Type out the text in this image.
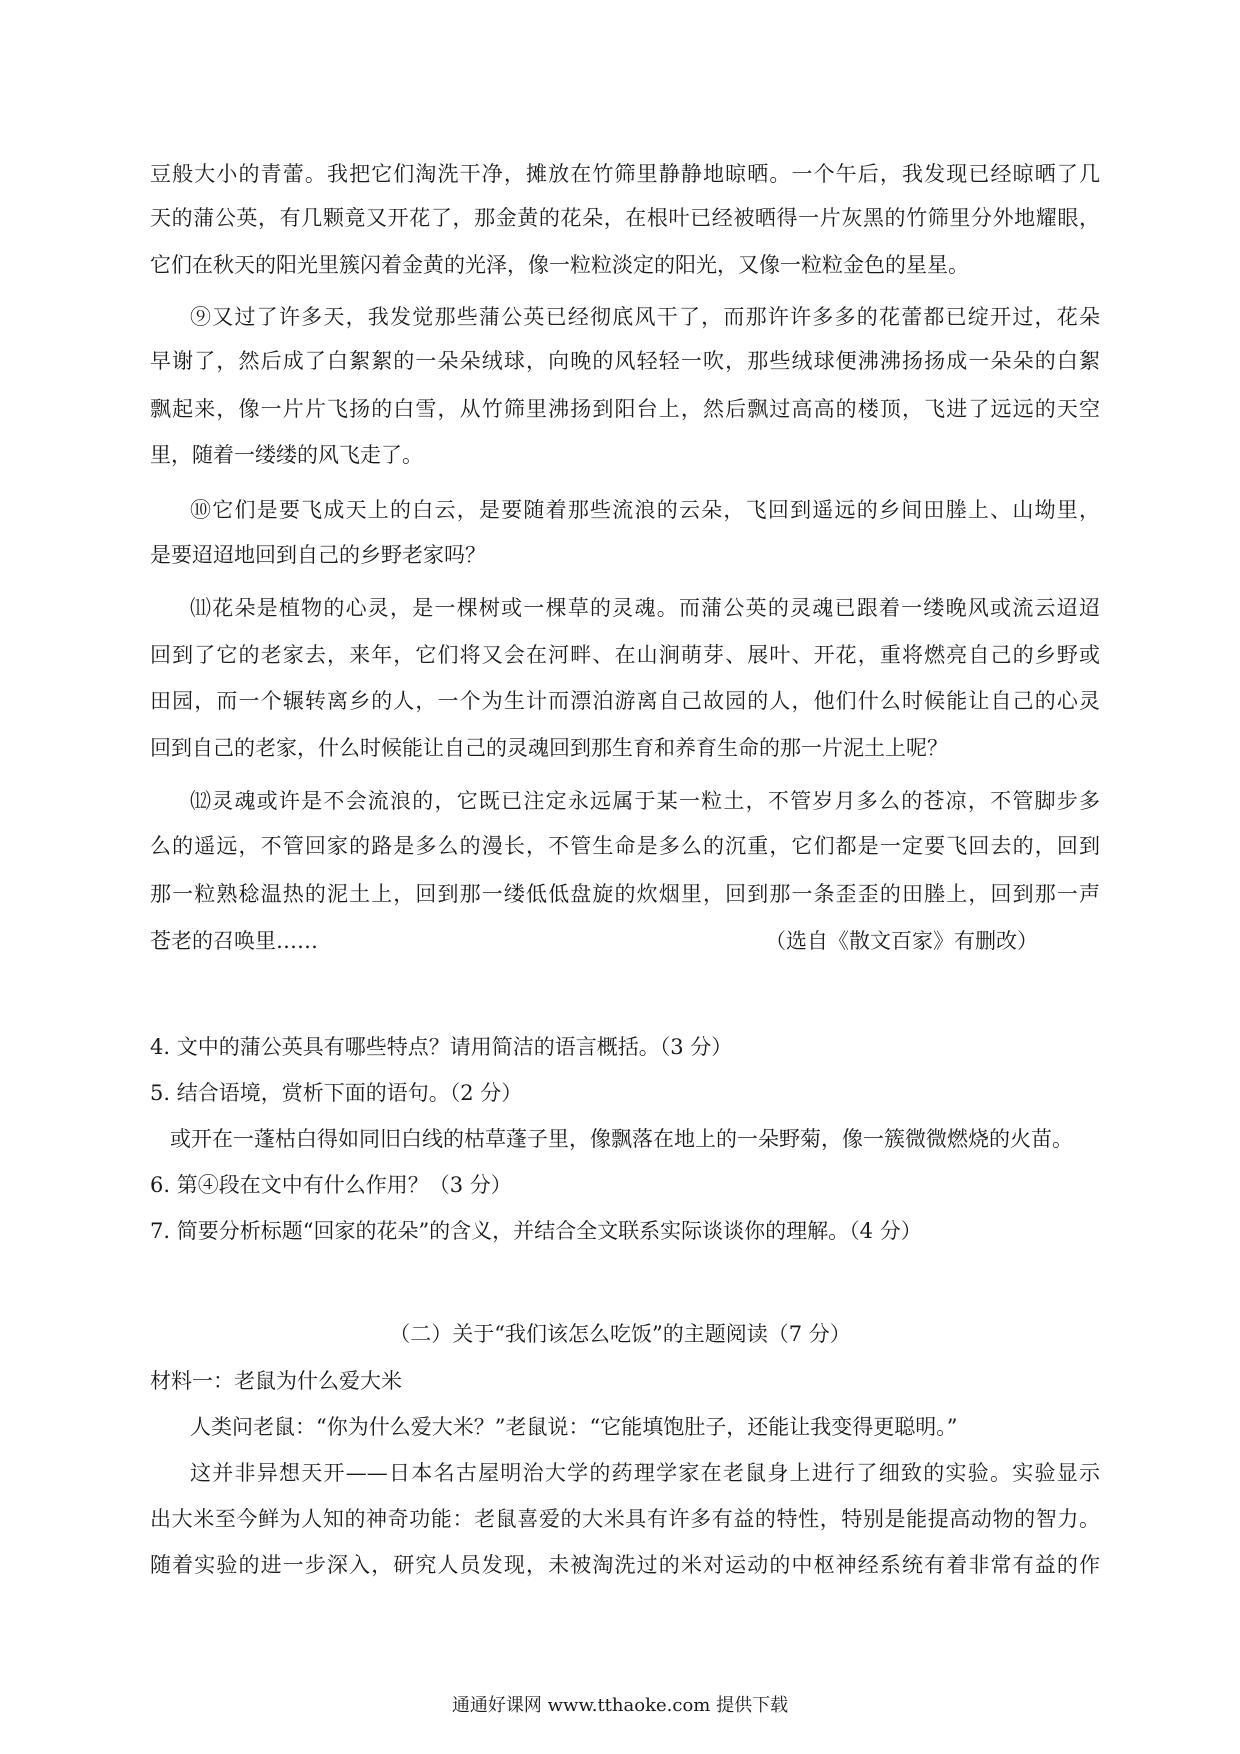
豆般大小的青蕾。我把它们淘洗干净，摊放在竹筛里静静地晾晒。一个午后，我发现已经晾晒了几
天的蒲公英，有几颗竟又开花了，那金黄的花朵，在根叶已经被晒得一片灰黑的竹筛里分外地耀眼，
它们在秋天的阳光里簇闪着金黄的光泽，像一粒粒淡定的阳光，又像一粒粒金色的星星。
⑨又过了许多天，我发觉那些蒲公英已经彻底风干了，而那许许多多的花蕾都已绽开过，花朵
早谢了，然后成了白絮絮的一朵朵绒球，向晚的风轻轻一吹，那些绒球便沸沸扬扬成一朵朵的白絮
飘起来，像一片片飞扬的白雪，从竹筛里沸扬到阳台上，然后飘过高高的楼顶，飞进了远远的天空
里，随着一缕缕的风飞走了。
⑩它们是要飞成天上的白云，是要随着那些流浪的云朵，飞回到遥远的乡间田塍上、山坳里，
是要迢迢地回到自己的乡野老家吗？
⑾花朵是植物的心灵，是一棵树或一棵草的灵魂。而蒲公英的灵魂已跟着一缕晚风或流云迢迢
回到了它的老家去，来年，它们将又会在河畔、在山涧萌芽、展叶、开花，重将燃亮自己的乡野或
田园，而一个辗转离乡的人，一个为生计而漂泊游离自己故园的人，他们什么时候能让自己的心灵
回到自己的老家，什么时候能让自己的灵魂回到那生育和养育生命的那一片泥土上呢？
⑿灵魂或许是不会流浪的，它既已注定永远属于某一粒土，不管岁月多么的苍凉，不管脚步多
么的遥远，不管回家的路是多么的漫长，不管生命是多么的沉重，它们都是一定要飞回去的，回到
那一粒熟稔温热的泥土上，回到那一缕低低盘旋的炊烟里，回到那一条歪歪的田塍上，回到那一声
苍老的召唤里……	（选自《散文百家》有删改）
4. 文中的蒲公英具有哪些特点？请用简洁的语言概括。（3 分）
5. 结合语境，赏析下面的语句。（2 分）
或开在一蓬枯白得如同旧白线的枯草蓬子里，像飘落在地上的一朵野菊，像一簇微微燃烧的火苗。
6. 第④段在文中有什么作用？（3 分）
7. 简要分析标题“回家的花朵”的含义，并结合全文联系实际谈谈你的理解。（4 分）
（二）关于“我们该怎么吃饭”的主题阅读（7 分）
材料一：老鼠为什么爱大米
人类问老鼠：“你为什么爱大米？”老鼠说：“它能填饱肚子，还能让我变得更聪明。”
这并非异想天开——日本名古屋明治大学的药理学家在老鼠身上进行了细致的实验。实验显示
出大米至今鲜为人知的神奇功能：老鼠喜爱的大米具有许多有益的特性，特别是能提高动物的智力。
随着实验的进一步深入，研究人员发现，未被淘洗过的米对运动的中枢神经系统有着非常有益的作
通通好课网 www.tthaoke.com 提供下载
